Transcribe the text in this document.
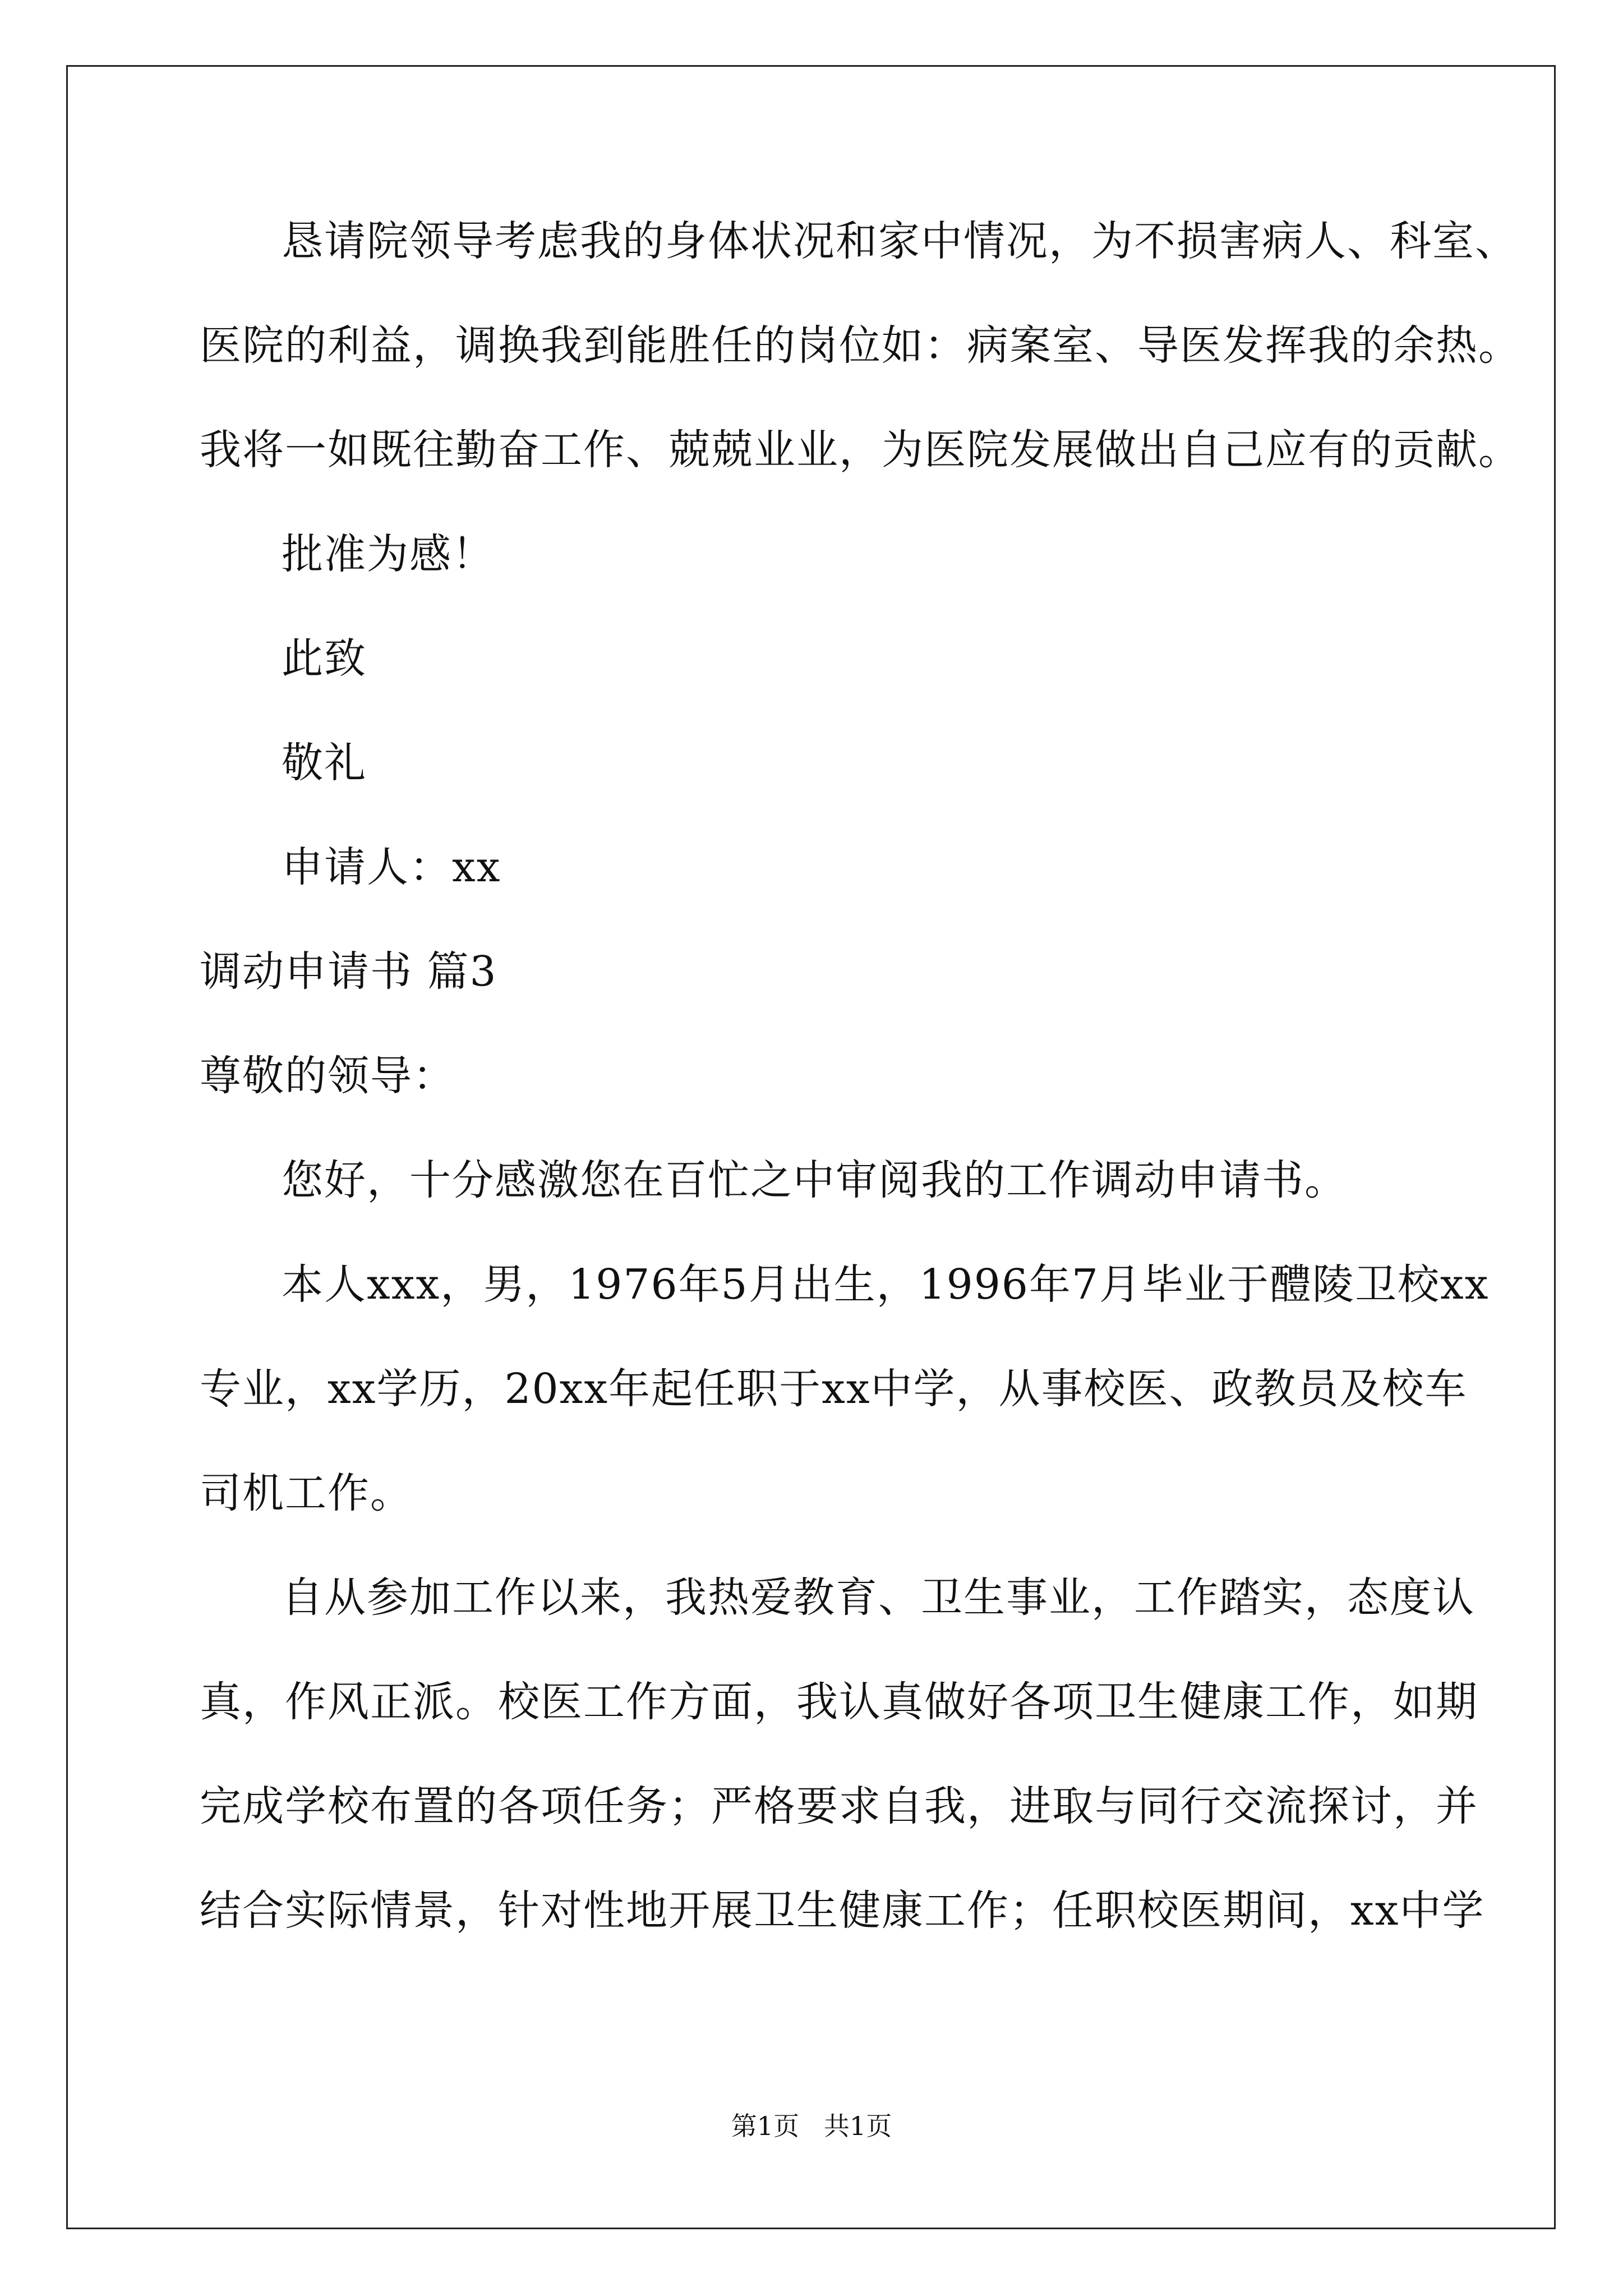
恳请院领导考虑我的身体状况和家中情况，为不损害病人、科室、
医院的利益，调换我到能胜任的岗位如：病案室、导医发挥我的余热。
我将一如既往勤奋工作、兢兢业业，为医院发展做出自己应有的贡献。
批准为感！
此致
敬礼
申请人：xx
调动申请书 篇3
尊敬的领导：
您好，十分感激您在百忙之中审阅我的工作调动申请书。
本人xxx，男，1976年5月出生，1996年7月毕业于醴陵卫校xx
专业，xx学历，20xx年起任职于xx中学，从事校医、政教员及校车
司机工作。
自从参加工作以来，我热爱教育、卫生事业，工作踏实，态度认
真，作风正派。校医工作方面，我认真做好各项卫生健康工作，如期
完成学校布置的各项任务；严格要求自我，进取与同行交流探讨，并
结合实际情景，针对性地开展卫生健康工作；任职校医期间，xx中学
第1页   共1页
